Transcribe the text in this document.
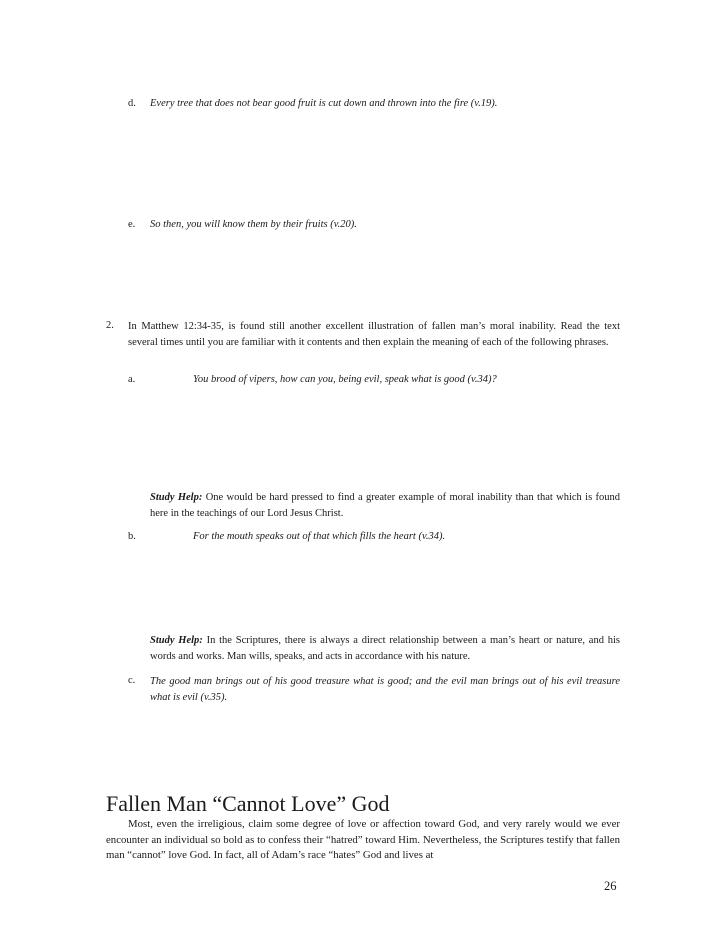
d. Every tree that does not bear good fruit is cut down and thrown into the fire (v.19).
e. So then, you will know them by their fruits (v.20).
2. In Matthew 12:34-35, is found still another excellent illustration of fallen man’s moral inability. Read the text several times until you are familiar with it contents and then explain the meaning of each of the following phrases.
a.	You brood of vipers, how can you, being evil, speak what is good (v.34)?
Study Help: One would be hard pressed to find a greater example of moral inability than that which is found here in the teachings of our Lord Jesus Christ.
b.	For the mouth speaks out of that which fills the heart (v.34).
Study Help: In the Scriptures, there is always a direct relationship between a man’s heart or nature, and his words and works. Man wills, speaks, and acts in accordance with his nature.
c. The good man brings out of his good treasure what is good; and the evil man brings out of his evil treasure what is evil (v.35).
Fallen Man “Cannot Love” God
Most, even the irreligious, claim some degree of love or affection toward God, and very rarely would we ever encounter an individual so bold as to confess their “hatred” toward Him. Nevertheless, the Scriptures testify that fallen man “cannot” love God. In fact, all of Adam’s race “hates” God and lives at
26
